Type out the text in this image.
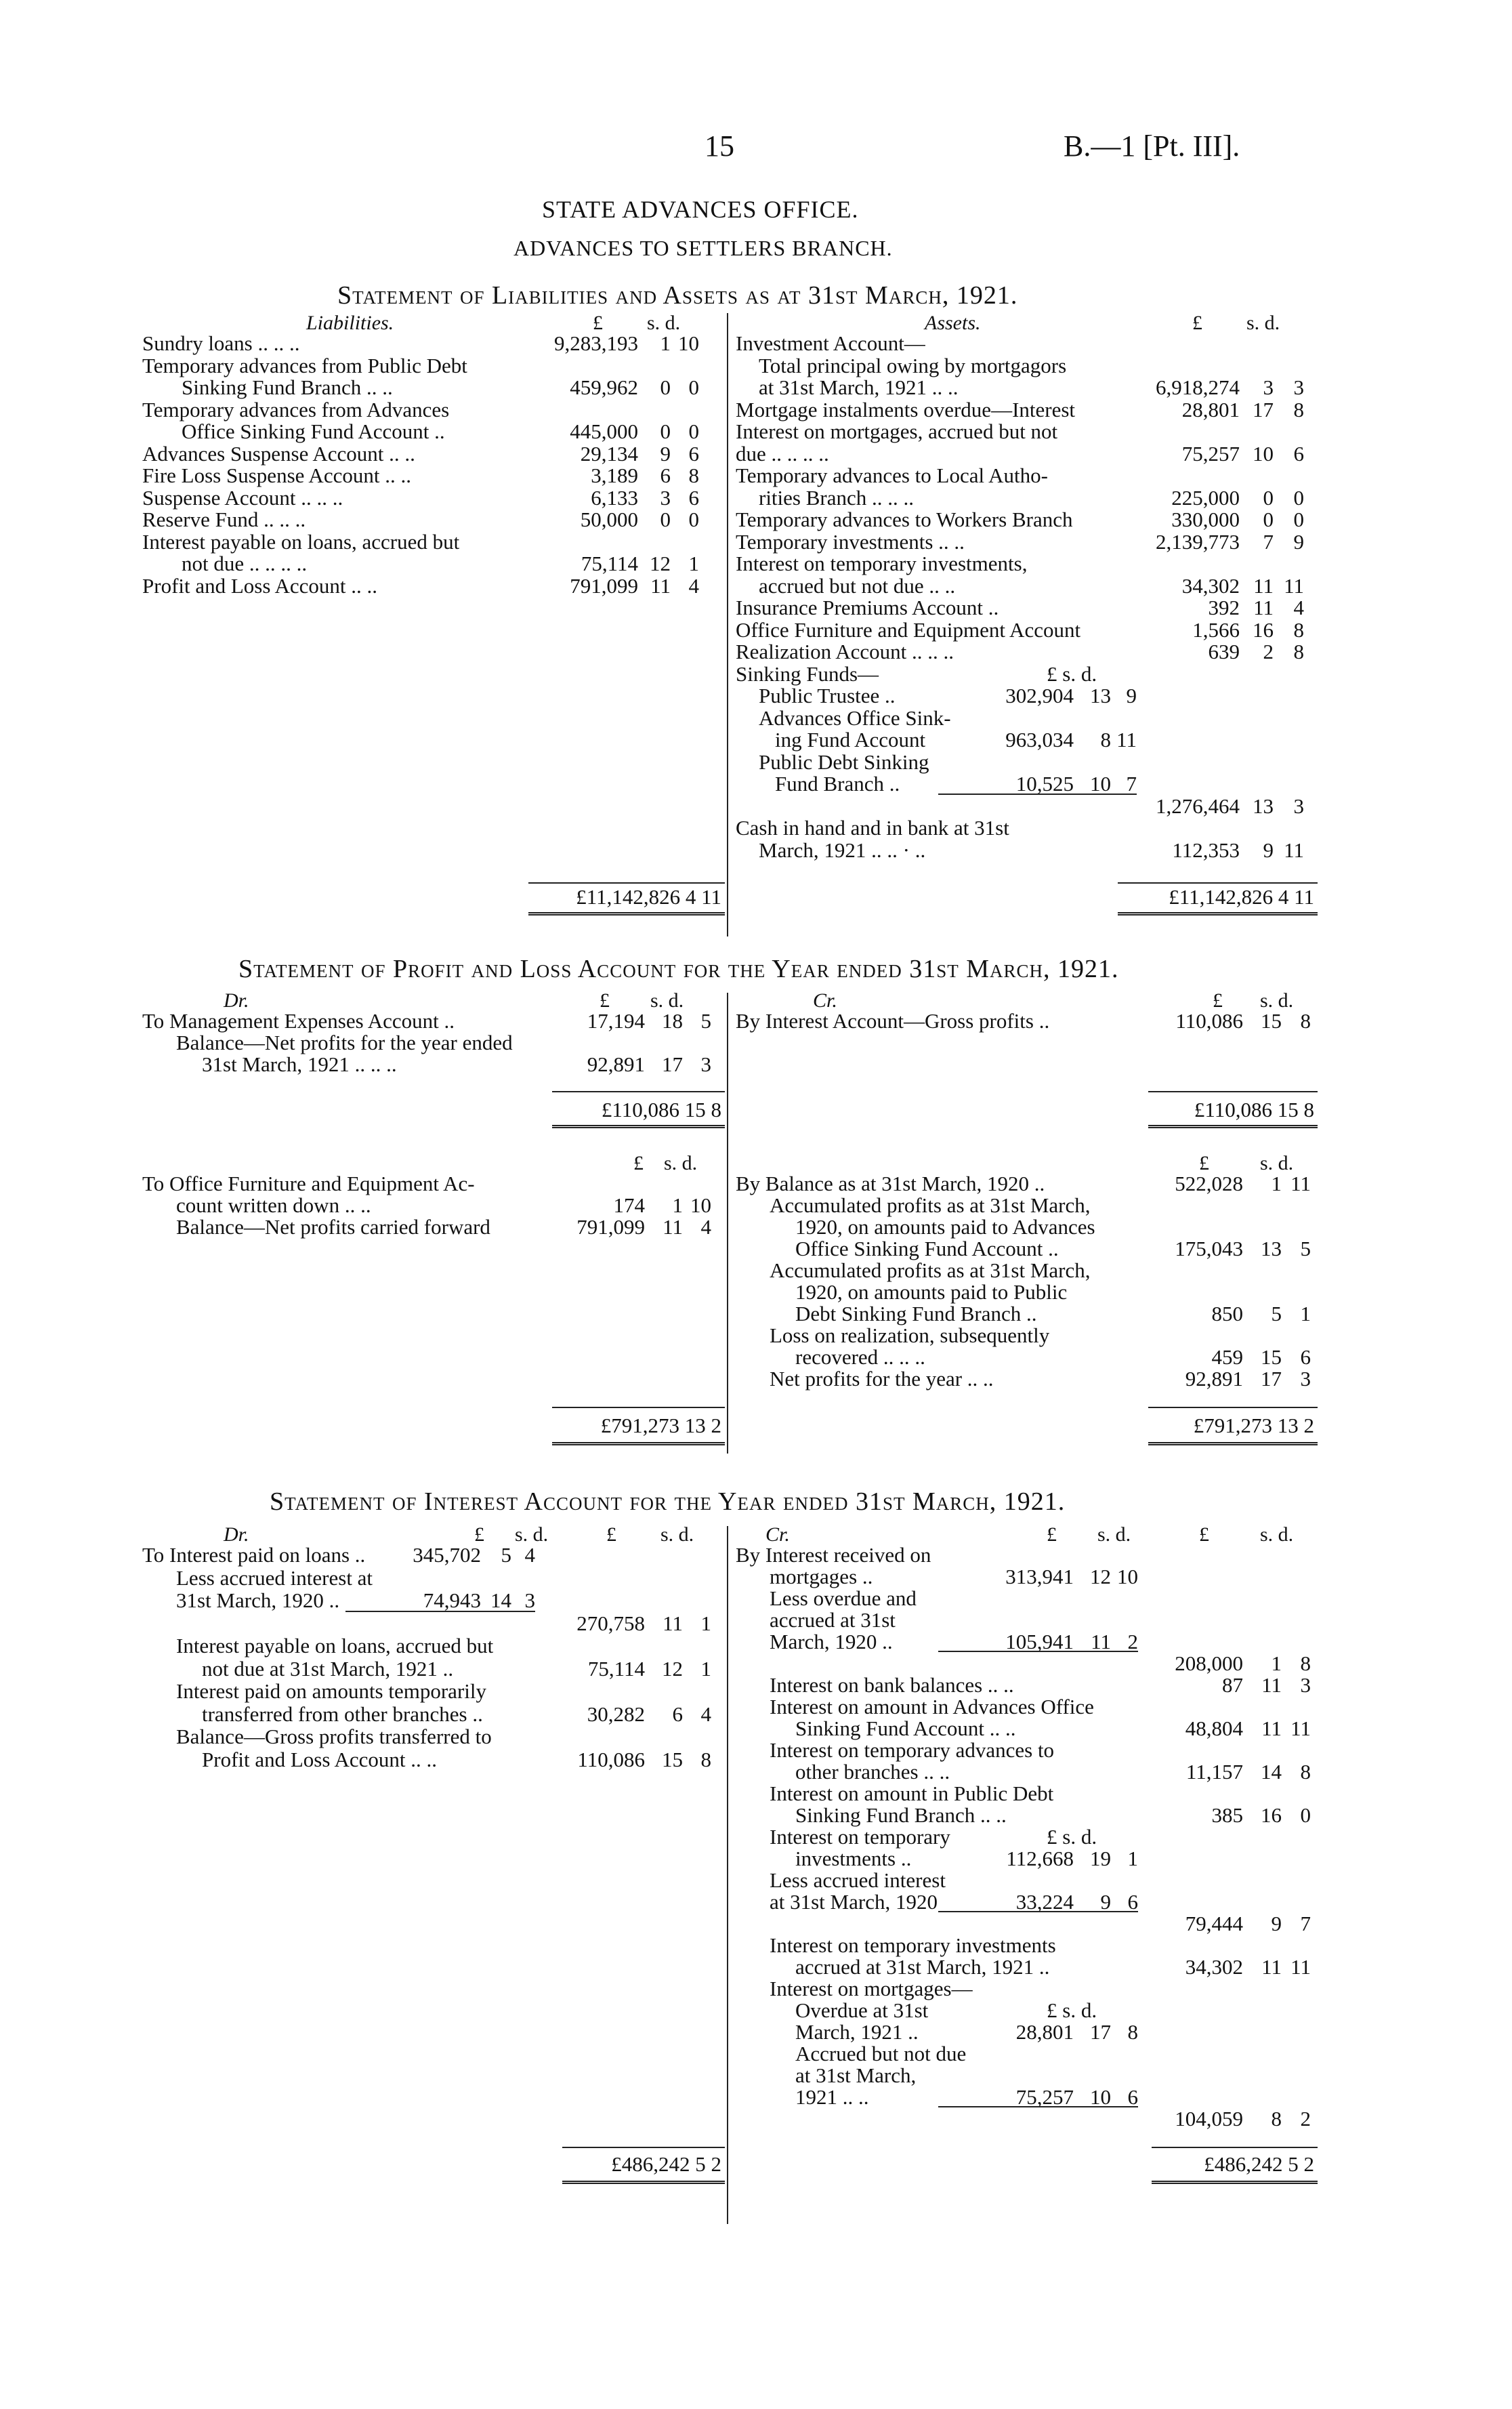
15	B.—1 [Pt. III].
STATE ADVANCES OFFICE.
ADVANCES TO SETTLERS BRANCH.
Statement of Liabilities and Assets as at 31st March, 1921.
Liabilities.	£ s. d.	Assets.	£ s. d.
Sundry loans .. .. ..	9,283,193	1 10
Temporary advances from Public Debt
Sinking Fund Branch .. ..	459,962	0 0
Temporary advances from Advances
Office Sinking Fund Account ..	445,000	0 0
Advances Suspense Account .. ..	29,134	9 6
Fire Loss Suspense Account .. ..	3,189	6 8
Suspense Account .. .. ..	6,133	3 6
Reserve Fund .. .. ..	50,000	0 0
Interest payable on loans, accrued but
not due .. .. .. ..	75,114 12 1
Profit and Loss Account .. ..	791,099 11 4
Investment Account—
Total principal owing by mortgagors
at 31st March, 1921 .. ..	6,918,274	3 3
Mortgage instalments overdue—Interest	28,801 17 8
Interest on mortgages, accrued but not
due .. .. .. ..	75,257 10 6
Temporary advances to Local Autho-
rities Branch .. .. ..	225,000	0 0
Temporary advances to Workers Branch	330,000	0 0
Temporary investments .. ..	2,139,773	7 9
Interest on temporary investments,
accrued but not due .. ..	34,302 11 11
Insurance Premiums Account ..	392 11 4
Office Furniture and Equipment Account	1,566 16 8
Realization Account .. .. ..	639	2 8
Sinking Funds—	£ s. d.
Public Trustee ..	302,904 13 9
Advances Office Sink-
ing Fund Account	963,034	8 11
Public Debt Sinking
Fund Branch ..	10,525 10 7
1,276,464 13 3
Cash in hand and in bank at 31st
March, 1921 .. .. · ..	112,353	9 11
£11,142,826 4 11	£11,142,826 4 11
Statement of Profit and Loss Account for the Year ended 31st March, 1921.
Dr.	£ s. d.	Cr.	£ s. d.
To Management Expenses Account ..	17,194 18 5
Balance—Net profits for the year ended
31st March, 1921 .. .. ..	92,891 17 3
By Interest Account—Gross profits ..	110,086 15 8
£110,086 15 8	£110,086 15 8
£ s. d.	£	s. d.
To Office Furniture and Equipment Ac-
count written down .. ..	174	1 10
Balance—Net profits carried forward	791,099 11 4
By Balance as at 31st March, 1920 ..	522,028	1 11
Accumulated profits as at 31st March,
1920, on amounts paid to Advances
Office Sinking Fund Account ..	175,043 13 5
Accumulated profits as at 31st March,
1920, on amounts paid to Public
Debt Sinking Fund Branch ..	850	5 1
Loss on realization, subsequently
recovered .. .. ..	459 15 6
Net profits for the year .. ..	92,891 17 3
£791,273 13 2	£791,273 13 2
Statement of Interest Account for the Year ended 31st March, 1921.
Dr.	£ s. d.	£ s. d.	Cr.	£ s. d.	£	s. d.
To Interest paid on loans ..	345,702 5 4
Less accrued interest at
31st March, 1920 ..	74,943 14 3
270,758 11 1
Interest payable on loans, accrued but
not due at 31st March, 1921 ..	75,114 12 1
Interest paid on amounts temporarily
transferred from other branches ..	30,282	6 4
Balance—Gross profits transferred to
Profit and Loss Account .. ..	110,086 15 8
By Interest received on
mortgages ..	313,941 12 10
Less overdue and
accrued at 31st
March, 1920 ..	105,941 11 2
208,000	1 8
Interest on bank balances .. ..	87 11 3
Interest on amount in Advances Office
Sinking Fund Account .. ..	48,804 11 11
Interest on temporary advances to
other branches .. ..	11,157 14 8
Interest on amount in Public Debt
Sinking Fund Branch .. ..	385 16 0
Interest on temporary	£ s. d.
investments ..	112,668 19 1
Less accrued interest
at 31st March, 1920	33,224	9 6
79,444	9 7
Interest on temporary investments
accrued at 31st March, 1921 ..	34,302 11 11
Interest on mortgages—
Overdue at 31st	£ s. d.
March, 1921 ..	28,801 17 8
Accrued but not due
at 31st March,
1921 .. ..	75,257 10 6
104,059	8 2
£486,242 5 2	£486,242 5 2
